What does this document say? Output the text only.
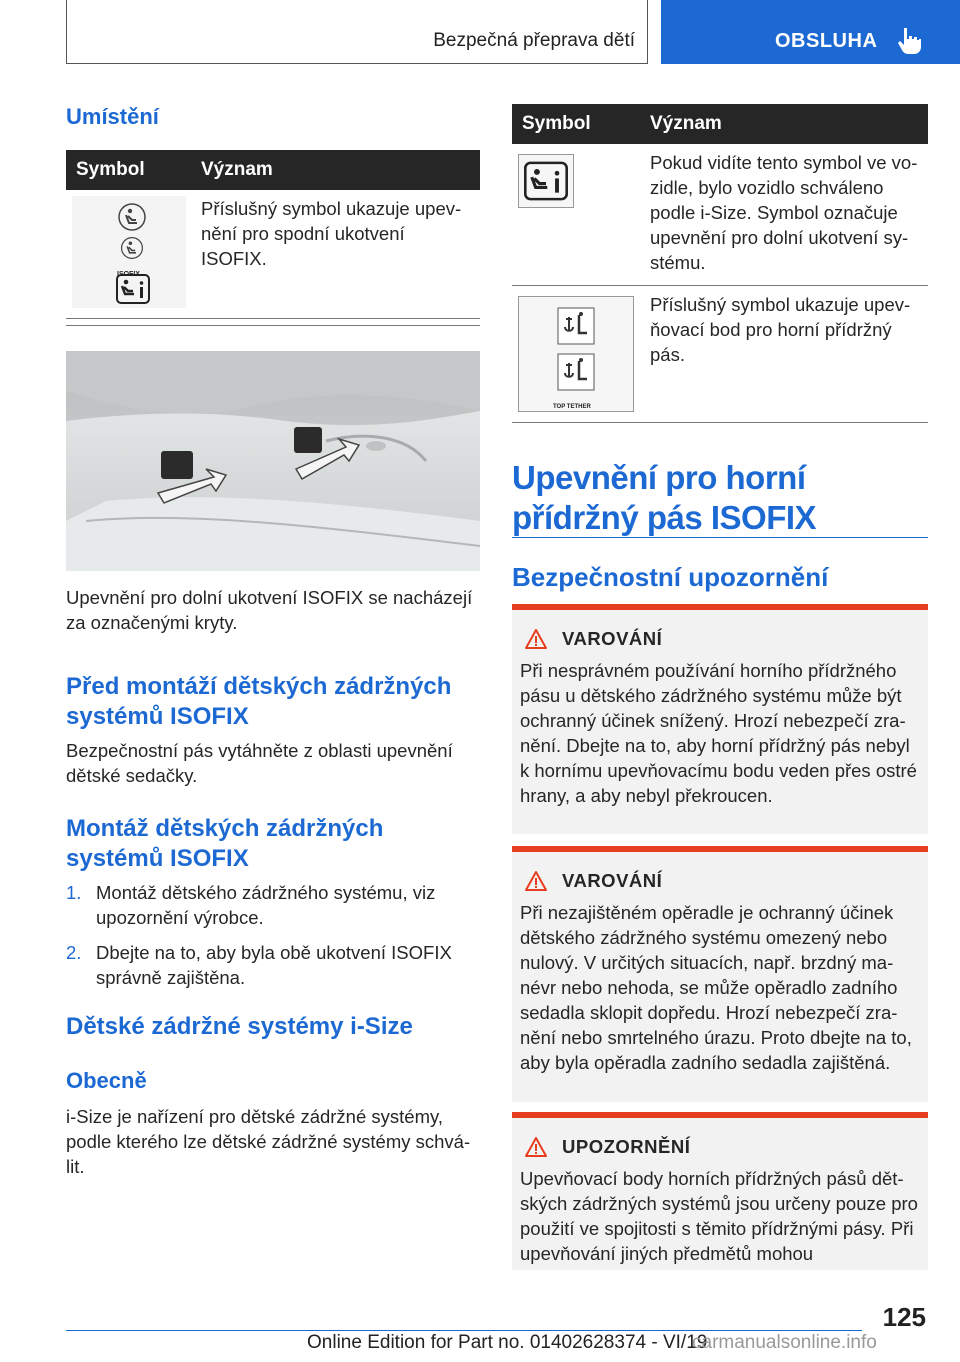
Bezpečná přeprava dětí	OBSLUHA
Umístění
Symbol	Význam

ISOFIX	Příslušný symbol ukazuje upev-nění pro spodní ukotvení ISOFIX.
Upevnění pro dolní ukotvení ISOFIX se nacházejí za označenými kryty.
Před montáží dětských zádržných systémů ISOFIX
Bezpečnostní pás vytáhněte z oblasti upevnění dětské sedačky.
Montáž dětských zádržných systémů ISOFIX
1. Montáž dětského zádržného systému, viz upozornění výrobce.
2. Dbejte na to, aby byla obě ukotvení ISOFIX správně zajištěna.
Dětské zádržné systémy i-Size
Obecně
i-Size je nařízení pro dětské zádržné systémy, podle kterého lze dětské zádržné systémy schvá-lit.
Symbol	Význam

	Pokud vidíte tento symbol ve vo-zidle, bylo vozidlo schváleno podle i-Size. Symbol označuje upevnění pro dolní ukotvení sy-stému.

TOP TETHER	Příslušný symbol ukazuje upev-ňovací bod pro horní přídržný pás.
Upevnění pro horní přídržný pás ISOFIX
Bezpečnostní upozornění
VAROVÁNÍ
Při nesprávném používání horního přídržného pásu u dětského zádržného systému může být ochranný účinek snížený. Hrozí nebezpečí zra-nění. Dbejte na to, aby horní přídržný pás nebyl k hornímu upevňovacímu bodu veden přes ostré hrany, a aby nebyl překroucen.
VAROVÁNÍ
Při nezajištěném opěradle je ochranný účinek dětského zádržného systému omezený nebo nulový. V určitých situacích, např. brzdný ma-névr nebo nehoda, se může opěradlo zadního sedadla sklopit dopředu. Hrozí nebezpečí zra-nění nebo smrtelného úrazu. Proto dbejte na to, aby byla opěradla zadního sedadla zajištěná.
UPOZORNĚNÍ
Upevňovací body horních přídržných pásů dět-ských zádržných systémů jsou určeny pouze pro použití ve spojitosti s těmito přídržnými pásy. Při upevňování jiných předmětů mohou
125
Online Edition for Part no. 01402628374 - VI/19
carmanualsonline.info
